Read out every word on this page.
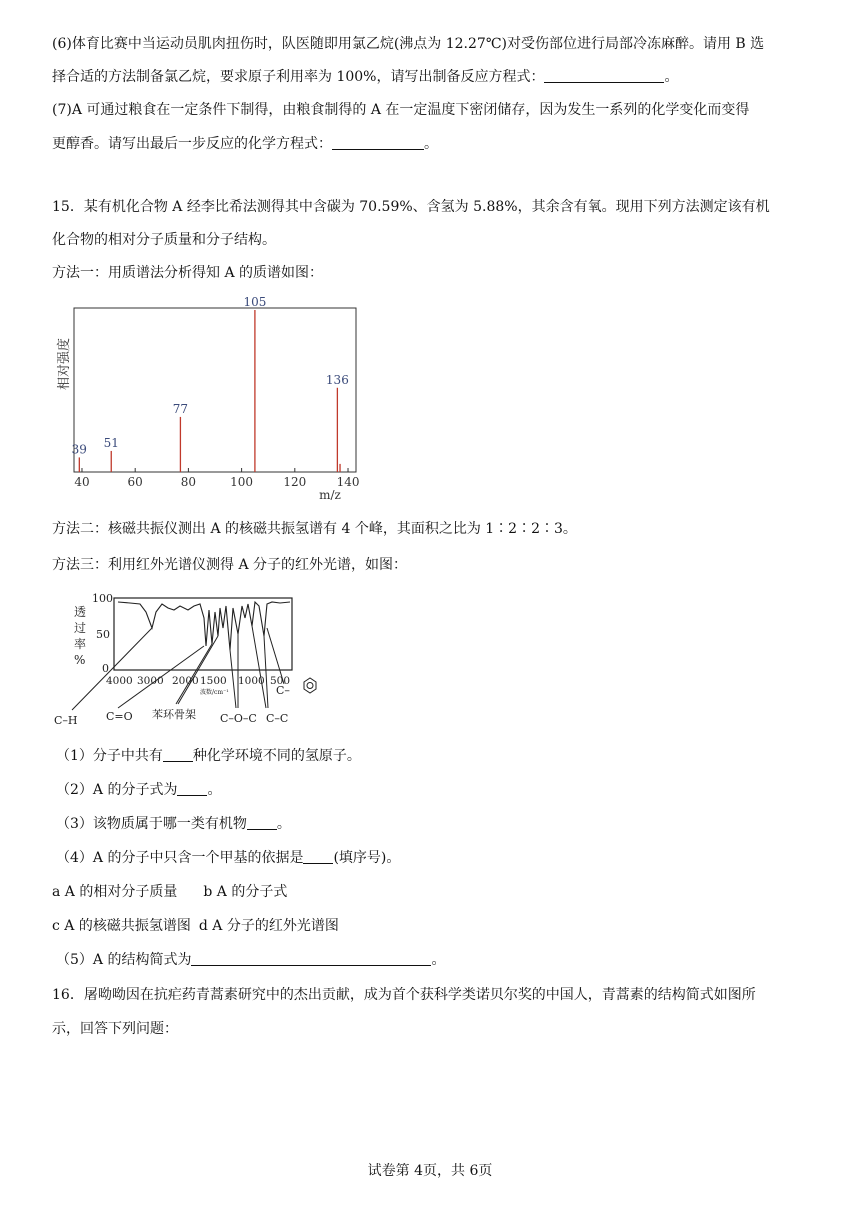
(6)体育比赛中当运动员肌肉扭伤时，队医随即用氯乙烷(沸点为 12.27℃)对受伤部位进行局部冷冻麻醉。请用 B 选
择合适的方法制备氯乙烷，要求原子利用率为 100%，请写出制备反应方程式：	。
(7)A 可通过粮食在一定条件下制得，由粮食制得的 A 在一定温度下密闭储存，因为发生一系列的化学变化而变得
更醇香。请写出最后一步反应的化学方程式：	。
15．某有机化合物 A 经李比希法测得其中含碳为 70.59%、含氢为 5.88%，其余含有氧。现用下列方法测定该有机
化合物的相对分子质量和分子结构。
方法一：用质谱法分析得知 A 的质谱如图：
相对强度
m/z
40	60	80	100	120	140
39 51
77
105
136
方法二：核磁共振仪测出 A 的核磁共振氢谱有 4 个峰，其面积之比为 1∶2∶2∶3。
方法三：利用红外光谱仪测得 A 分子的红外光谱，如图：
透过率%
100
50
0
4000 3000 2000 1500 1000 500
波数/cm⁻¹
C–H	C=O 苯环骨架 C–O–C C–C
C–
（1）分子中共有 种化学环境不同的氢原子。
（2）A 的分子式为 。
（3）该物质属于哪一类有机物 。
（4）A 的分子中只含一个甲基的依据是 (填序号)。
a A 的相对分子质量 b A 的分子式
c A 的核磁共振氢谱图 d A 分子的红外光谱图
（5）A 的结构简式为	。
16．屠呦呦因在抗疟药青蒿素研究中的杰出贡献，成为首个获科学类诺贝尔奖的中国人，青蒿素的结构简式如图所
示，回答下列问题：
试卷第 4页，共 6页
